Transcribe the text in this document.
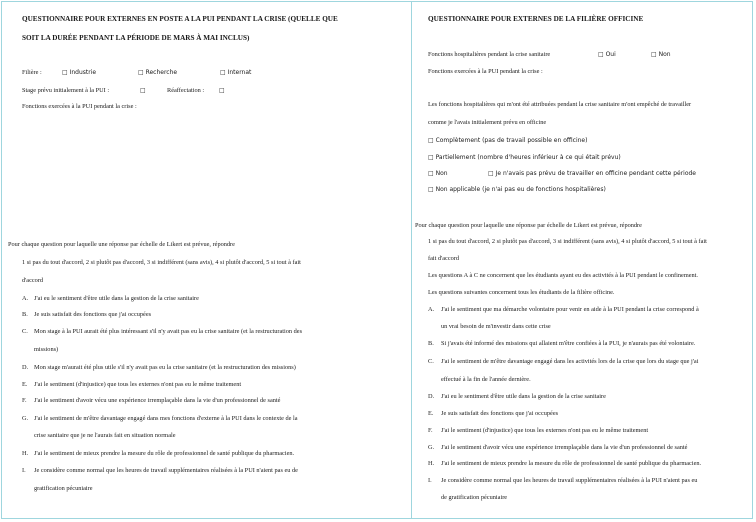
QUESTIONNAIRE POUR EXTERNES EN POSTE A LA PUI PENDANT LA CRISE (QUELLE QUE
SOIT LA DURÉE PENDANT LA PÉRIODE DE MARS À MAI INCLUS)
Filière :	□ Industrie	□ Recherche	□ Internat
Stage prévu initialement à la PUI :	□	Réaffectation : □
Fonctions exercées à la PUI pendant la crise :
Pour chaque question pour laquelle une réponse par échelle de Likert est prévue, répondre
1 si pas du tout d'accord, 2 si plutôt pas d'accord, 3 si indifférent (sans avis), 4 si plutôt d'accord, 5 si tout à fait
d'accord
A. J'ai eu le sentiment d'être utile dans la gestion de la crise sanitaire
B. Je suis satisfait des fonctions que j'ai occupées
C. Mon stage à la PUI aurait été plus intéressant s'il n'y avait pas eu la crise sanitaire (et la restructuration des
missions)
D. Mon stage m'aurait été plus utile s'il n'y avait pas eu la crise sanitaire (et la restructuration des missions)
E. J'ai le sentiment (d'injustice) que tous les externes n'ont pas eu le même traitement
F. J'ai le sentiment d'avoir vécu une expérience irremplaçable dans la vie d'un professionnel de santé
G. J'ai le sentiment de m'être davantage engagé dans mes fonctions d'externe à la PUI dans le contexte de la
crise sanitaire que je ne l'aurais fait en situation normale
H. J'ai le sentiment de mieux prendre la mesure du rôle de professionnel de santé publique du pharmacien.
I. Je considère comme normal que les heures de travail supplémentaires réalisées à la PUI n'aient pas eu de
gratification pécuniaire
QUESTIONNAIRE POUR EXTERNES DE LA FILIÈRE OFFICINE
Fonctions hospitalières pendant la crise sanitaire	□ Oui	□ Non
Fonctions exercées à la PUI pendant la crise :
Les fonctions hospitalières qui m'ont été attribuées pendant la crise sanitaire m'ont empêché de travailler
comme je l'avais initialement prévu en officine
□ Complètement (pas de travail possible en officine)
□ Partiellement (nombre d'heures inférieur à ce qui était prévu)
□ Non	□ Je n'avais pas prévu de travailler en officine pendant cette période
□ Non applicable (je n'ai pas eu de fonctions hospitalières)
Pour chaque question pour laquelle une réponse par échelle de Likert est prévue, répondre
1 si pas du tout d'accord, 2 si plutôt pas d'accord, 3 si indifférent (sans avis), 4 si plutôt d'accord, 5 si tout à fait
fait d'accord
Les questions A à C ne concernent que les étudiants ayant eu des activités à la PUI pendant le confinement.
Les questions suivantes concernent tous les étudiants de la filière officine.
A. J'ai le sentiment que ma démarche volontaire pour venir en aide à la PUI pendant la crise correspond à
un vrai besoin de m'investir dans cette crise
B. Si j'avais été informé des missions qui allaient m'être confiées à la PUI, je n'aurais pas été volontaire.
C. J'ai le sentiment de m'être davantage engagé dans les activités lors de la crise que lors du stage que j'ai
effectué à la fin de l'année dernière.
D. J'ai eu le sentiment d'être utile dans la gestion de la crise sanitaire
E. Je suis satisfait des fonctions que j'ai occupées
F. J'ai le sentiment (d'injustice) que tous les externes n'ont pas eu le même traitement
G. J'ai le sentiment d'avoir vécu une expérience irremplaçable dans la vie d'un professionnel de santé
H. J'ai le sentiment de mieux prendre la mesure du rôle de professionnel de santé publique du pharmacien.
I. Je considère comme normal que les heures de travail supplémentaires réalisées à la PUI n'aient pas eu
de gratification pécuniaire
